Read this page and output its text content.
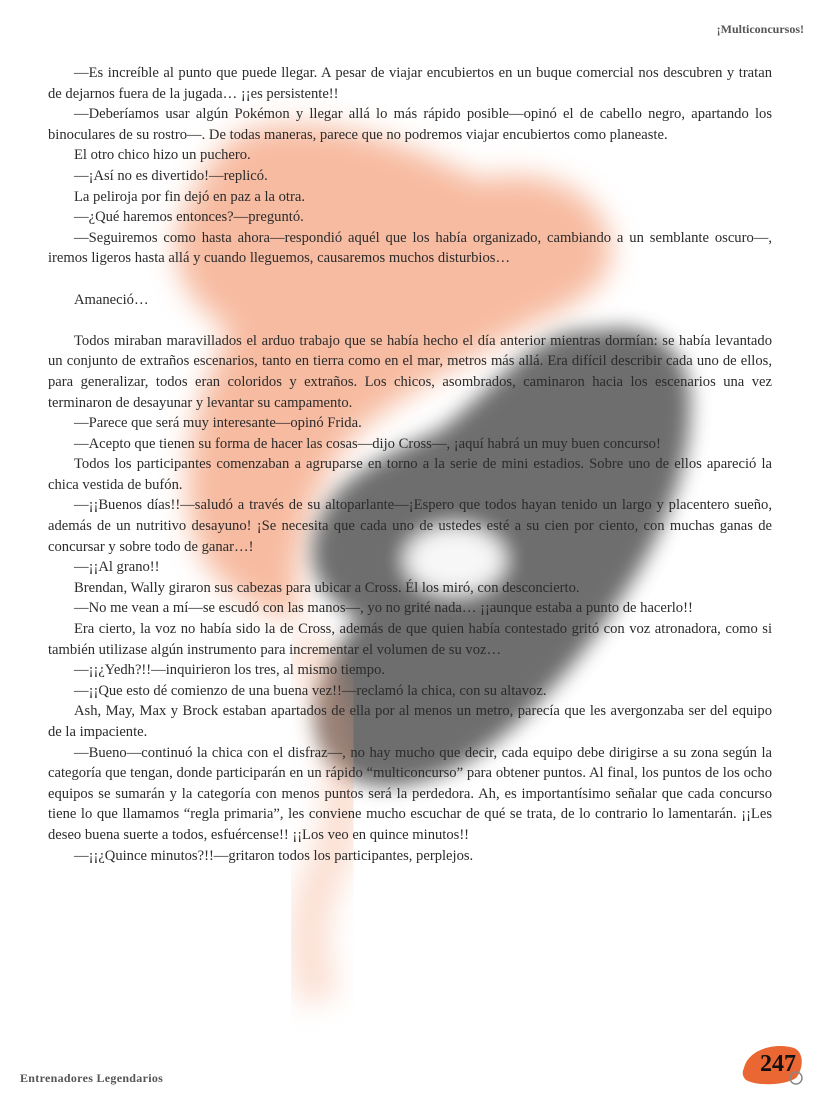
¡Multiconcursos!

—Es increíble al punto que puede llegar. A pesar de viajar encubiertos en un buque comercial nos descubren y tratan de dejarnos fuera de la jugada… ¡¡es persistente!!

—Deberíamos usar algún Pokémon y llegar allá lo más rápido posible—opinó el de cabello negro, apartando los binoculares de su rostro—. De todas maneras, parece que no podremos viajar encubiertos como planeaste.

El otro chico hizo un puchero.

—¡Así no es divertido!—replicó.

La peliroja por fin dejó en paz a la otra.

—¿Qué haremos entonces?—preguntó.

—Seguiremos como hasta ahora—respondió aquél que los había organizado, cambiando a un semblante oscuro—, iremos ligeros hasta allá y cuando lleguemos, causaremos muchos disturbios…

Amaneció…

Todos miraban maravillados el arduo trabajo que se había hecho el día anterior mientras dormían: se había levantado un conjunto de extraños escenarios, tanto en tierra como en el mar, metros más allá. Era difícil describir cada uno de ellos, para generalizar, todos eran coloridos y extraños. Los chicos, asombrados, caminaron hacia los escenarios una vez terminaron de desayunar y levantar su campamento.

—Parece que será muy interesante—opinó Frida.

—Acepto que tienen su forma de hacer las cosas—dijo Cross—, ¡aquí habrá un muy buen concurso!

Todos los participantes comenzaban a agruparse en torno a la serie de mini estadios. Sobre uno de ellos apareció la chica vestida de bufón.

—¡¡Buenos días!!—saludó a través de su altoparlante—¡Espero que todos hayan tenido un largo y placentero sueño, además de un nutritivo desayuno! ¡Se necesita que cada uno de ustedes esté a su cien por ciento, con muchas ganas de concursar y sobre todo de ganar…!

—¡¡Al grano!!

Brendan, Wally giraron sus cabezas para ubicar a Cross. Él los miró, con desconcierto.

—No me vean a mí—se escudó con las manos—, yo no grité nada… ¡¡aunque estaba a punto de hacerlo!!

Era cierto, la voz no había sido la de Cross, además de que quien había contestado gritó con voz atronadora, como si también utilizase algún instrumento para incrementar el volumen de su voz…

—¡¡¿Yedh?!!—inquirieron los tres, al mismo tiempo.

—¡¡Que esto dé comienzo de una buena vez!!—reclamó la chica, con su altavoz.

Ash, May, Max y Brock estaban apartados de ella por al menos un metro, parecía que les avergonzaba ser del equipo de la impaciente.

—Bueno—continuó la chica con el disfraz—, no hay mucho que decir, cada equipo debe dirigirse a su zona según la categoría que tengan, donde participarán en un rápido “multiconcurso” para obtener puntos. Al final, los puntos de los ocho equipos se sumarán y la categoría con menos puntos será la perdedora. Ah, es importantísimo señalar que cada concurso tiene lo que llamamos “regla primaria”, les conviene mucho escuchar de qué se trata, de lo contrario lo lamentarán. ¡¡Les deseo buena suerte a todos, esfuércense!! ¡¡Los veo en quince minutos!!

—¡¡¿Quince minutos?!!—gritaron todos los participantes, perplejos.

Entrenadores Legendarios
247
